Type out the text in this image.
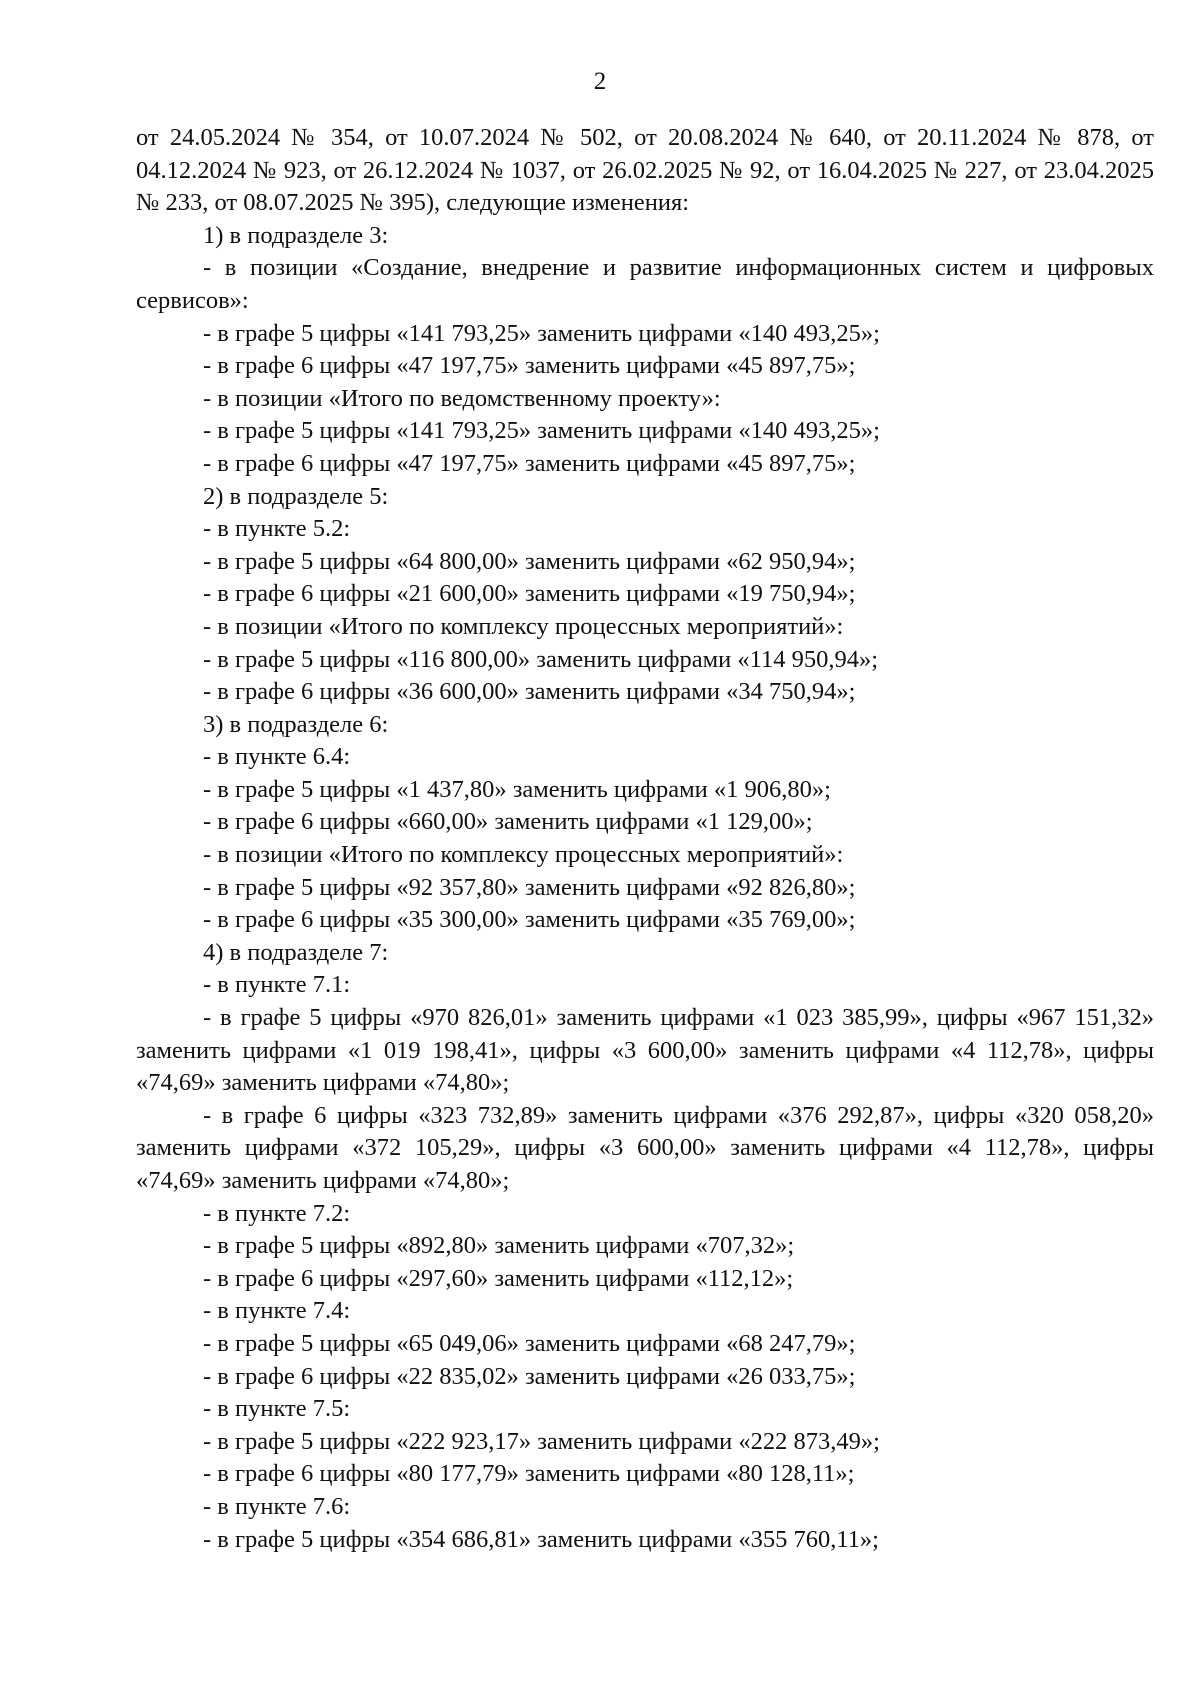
2

от 24.05.2024 № 354, от 10.07.2024 № 502, от 20.08.2024 № 640, от 20.11.2024 № 878, от 04.12.2024 № 923, от 26.12.2024 № 1037, от 26.02.2025 № 92, от 16.04.2025 № 227, от 23.04.2025 № 233, от 08.07.2025 № 395), следующие изменения:

1) в подразделе 3:

- в позиции «Создание, внедрение и развитие информационных систем и цифровых сервисов»:

- в графе 5 цифры «141 793,25» заменить цифрами «140 493,25»;

- в графе 6 цифры «47 197,75» заменить цифрами «45 897,75»;

- в позиции «Итого по ведомственному проекту»:

- в графе 5 цифры «141 793,25» заменить цифрами «140 493,25»;

- в графе 6 цифры «47 197,75» заменить цифрами «45 897,75»;

2) в подразделе 5:

- в пункте 5.2:

- в графе 5 цифры «64 800,00» заменить цифрами «62 950,94»;

- в графе 6 цифры «21 600,00» заменить цифрами «19 750,94»;

- в позиции «Итого по комплексу процессных мероприятий»:

- в графе 5 цифры «116 800,00» заменить цифрами «114 950,94»;

- в графе 6 цифры «36 600,00» заменить цифрами «34 750,94»;

3) в подразделе 6:

- в пункте 6.4:

- в графе 5 цифры «1 437,80» заменить цифрами «1 906,80»;

- в графе 6 цифры «660,00» заменить цифрами «1 129,00»;

- в позиции «Итого по комплексу процессных мероприятий»:

- в графе 5 цифры «92 357,80» заменить цифрами «92 826,80»;

- в графе 6 цифры «35 300,00» заменить цифрами «35 769,00»;

4) в подразделе 7:

- в пункте 7.1:

- в графе 5 цифры «970 826,01» заменить цифрами «1 023 385,99», цифры «967 151,32» заменить цифрами «1 019 198,41», цифры «3 600,00» заменить цифрами «4 112,78», цифры «74,69» заменить цифрами «74,80»;

- в графе 6 цифры «323 732,89» заменить цифрами «376 292,87», цифры «320 058,20» заменить цифрами «372 105,29», цифры «3 600,00» заменить цифрами «4 112,78», цифры «74,69» заменить цифрами «74,80»;

- в пункте 7.2:

- в графе 5 цифры «892,80» заменить цифрами «707,32»;

- в графе 6 цифры «297,60» заменить цифрами «112,12»;

- в пункте 7.4:

- в графе 5 цифры «65 049,06» заменить цифрами «68 247,79»;

- в графе 6 цифры «22 835,02» заменить цифрами «26 033,75»;

- в пункте 7.5:

- в графе 5 цифры «222 923,17» заменить цифрами «222 873,49»;

- в графе 6 цифры «80 177,79» заменить цифрами «80 128,11»;

- в пункте 7.6:

- в графе 5 цифры «354 686,81» заменить цифрами «355 760,11»;
